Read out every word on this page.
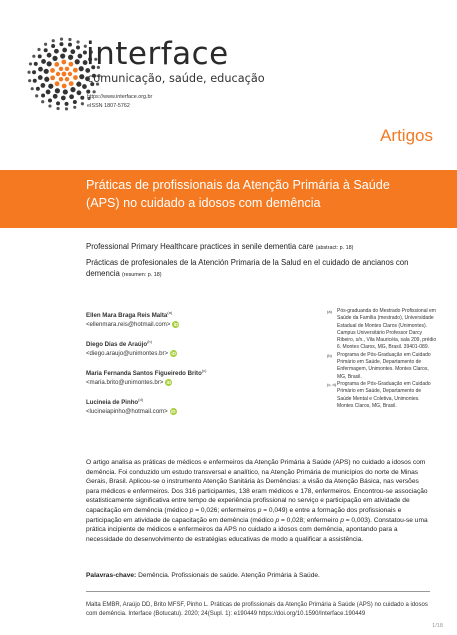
interface
comunicação, saúde, educação
https://www.interface.org.br
eISSN 1807-5762
Artigos
Práticas de profissionais da Atenção Primária à Saúde (APS) no cuidado a idosos com demência

Professional Primary Healthcare practices in senile dementia care (abstract: p. 18)

Prácticas de profesionales de la Atención Primaria de la Salud en el cuidado de ancianos con demencia (resumen: p. 18)

Ellen Mara Braga Reis Malta$^{(a)}$
<ellenmara.reis@hotmail.com> iD
Diego Dias de Araújo$^{(b)}$
<diego.araujo@unimontes.br> iD
Maria Fernanda Santos Figueiredo Brito$^{(c)}$
<maria.brito@unimontes.br> iD
Lucineia de Pinho$^{(d)}$
<lucineiapinho@hotmail.com> iD
(a) Pós-graduanda do Mestrado Profissional em Saúde da Família (mestrado), Universidade Estadual de Montes Claros (Unimontes). Campus Universitário Professor Darcy Ribeiro, s/n., Vila Mauricéia, sala 209, prédio 6. Montes Claros, MG, Brasil. 39401-089.
(b) Programa de Pós-Graduação em Cuidado Primário em Saúde, Departamento de Enfermagem, Unimontes. Montes Claros, MG, Brasil.
(c, d) Programa de Pós-Graduação em Cuidado Primário em Saúde, Departamento de Saúde Mental e Coletiva, Unimontes. Montes Claros, MG, Brasil.
O artigo analisa as práticas de médicos e enfermeiros da Atenção Primária à Saúde (APS) no cuidado a idosos com demência. Foi conduzido um estudo transversal e analítico, na Atenção Primária de municípios do norte de Minas Gerais, Brasil. Aplicou-se o instrumento Atenção Sanitária às Demências: a visão da Atenção Básica, nas versões para médicos e enfermeiros. Dos 316 participantes, 138 eram médicos e 178, enfermeiros. Encontrou-se associação estatisticamente significativa entre tempo de experiência profissional no serviço e participação em atividade de capacitação em demência (médico p = 0,026; enfermeiros p = 0,049) e entre a formação dos profissionais e participação em atividade de capacitação em demência (médico p = 0,028; enfermeiro p = 0,003). Constatou-se uma prática incipiente de médicos e enfermeiros da APS no cuidado a idosos com demência, apontando para a necessidade do desenvolvimento de estratégias educativas de modo a qualificar a assistência.
Palavras-chave: Demência. Profissionais de saúde. Atenção Primária à Saúde.
Malta EMBR, Araújo DD, Brito MFSF, Pinho L. Práticas de profissionais da Atenção Primária à Saúde (APS) no cuidado a idosos com demência. Interface (Botucatu). 2020; 24(Supl. 1): e190449 https://doi.org/10.1590/Interface.190449
1/18
